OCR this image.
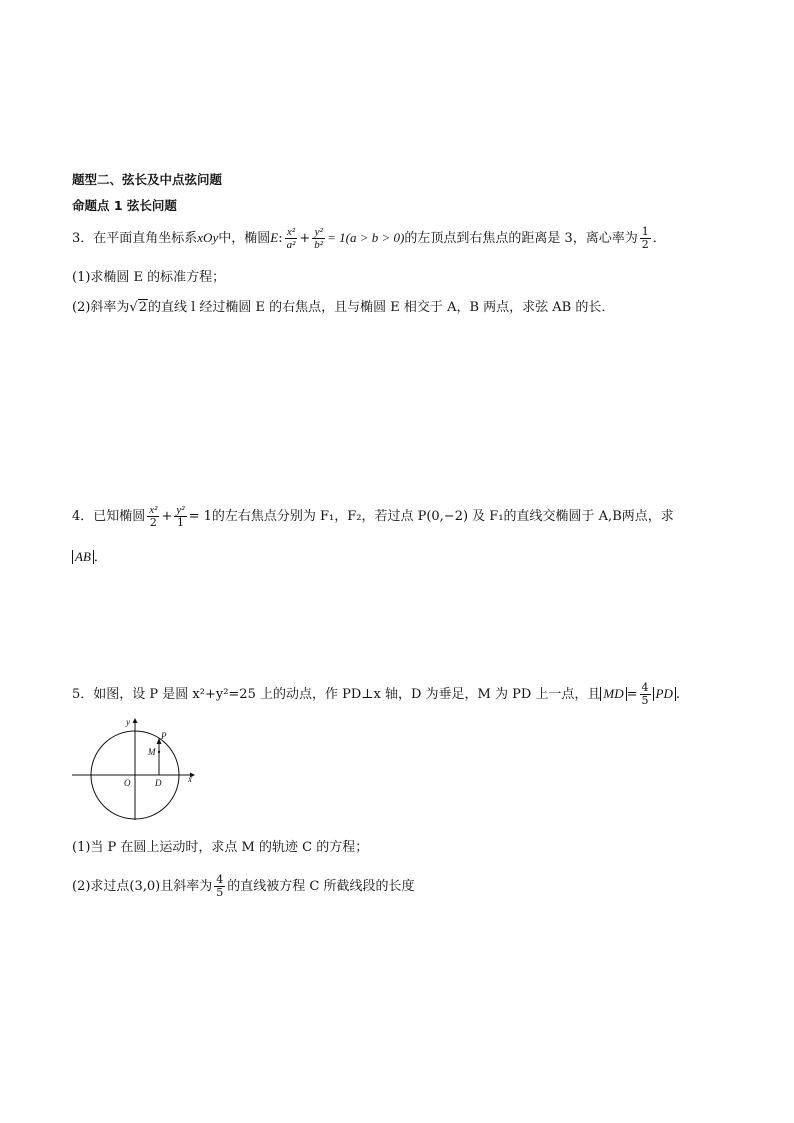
题型二、弦长及中点弦问题
命题点 1 弦长问题
3．在平面直角坐标系xOy中，椭圆E: $\frac{\text{x²}}{\text{a²}} + \frac{\text{y²}}{\text{b²}} = 1(a > b > 0)$的左顶点到右焦点的距离是 3，离心率为 $\frac{1}{2}$ ．
(1)求椭圆 E 的标准方程；
(2)斜率为√2的直线 l 经过椭圆 E 的右焦点，且与椭圆 E 相交于 A，B 两点，求弦 AB 的长．
4．已知椭圆 $\frac{\text{x²}}{2} + \frac{\text{y²}}{1} = 1$的左右焦点分别为 F₁，F₂，若过点 P(0,−2) 及 F₁的直线交椭圆于 A,B两点，求
AB ．
5．如图，设 P 是圆 x²+y²=25 上的动点，作 PD⊥x 轴，D 为垂足，M 为 PD 上一点，且 MD = $\frac{4}{5}$ PD .
y
x
O	D
M
P
(1)当 P 在圆上运动时，求点 M 的轨迹 C 的方程；
(2)求过点(3,0)且斜率为 $\frac{4}{5}$ 的直线被方程 C 所截线段的长度
